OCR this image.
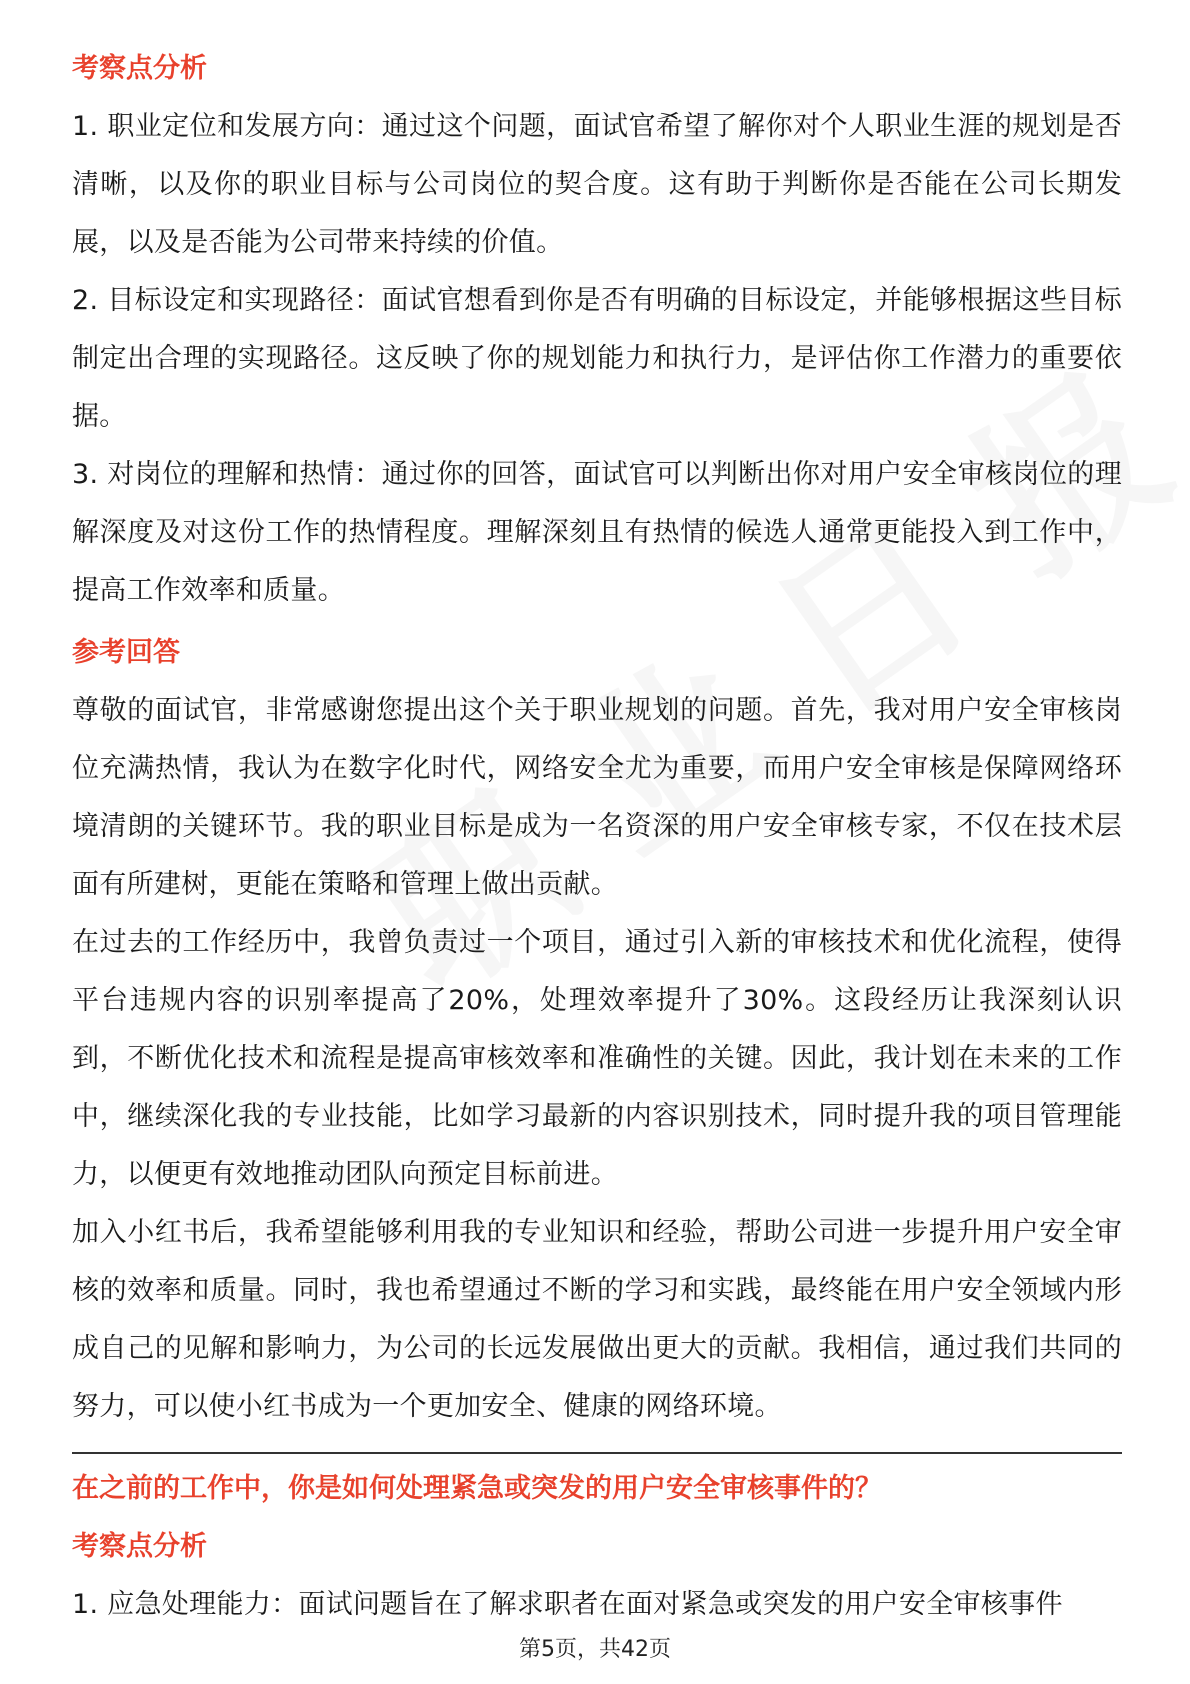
考察点分析
1. 职业定位和发展方向：通过这个问题，面试官希望了解你对个人职业生涯的规划是否清晰，以及你的职业目标与公司岗位的契合度。这有助于判断你是否能在公司长期发展，以及是否能为公司带来持续的价值。
2. 目标设定和实现路径：面试官想看到你是否有明确的目标设定，并能够根据这些目标制定出合理的实现路径。这反映了你的规划能力和执行力，是评估你工作潜力的重要依据。
3. 对岗位的理解和热情：通过你的回答，面试官可以判断出你对用户安全审核岗位的理解深度及对这份工作的热情程度。理解深刻且有热情的候选人通常更能投入到工作中，提高工作效率和质量。
参考回答
尊敬的面试官，非常感谢您提出这个关于职业规划的问题。首先，我对用户安全审核岗位充满热情，我认为在数字化时代，网络安全尤为重要，而用户安全审核是保障网络环境清朗的关键环节。我的职业目标是成为一名资深的用户安全审核专家，不仅在技术层面有所建树，更能在策略和管理上做出贡献。
在过去的工作经历中，我曾负责过一个项目，通过引入新的审核技术和优化流程，使得平台违规内容的识别率提高了20%，处理效率提升了30%。这段经历让我深刻认识到，不断优化技术和流程是提高审核效率和准确性的关键。因此，我计划在未来的工作中，继续深化我的专业技能，比如学习最新的内容识别技术，同时提升我的项目管理能力，以便更有效地推动团队向预定目标前进。
加入小红书后，我希望能够利用我的专业知识和经验，帮助公司进一步提升用户安全审核的效率和质量。同时，我也希望通过不断的学习和实践，最终能在用户安全领域内形成自己的见解和影响力，为公司的长远发展做出更大的贡献。我相信，通过我们共同的努力，可以使小红书成为一个更加安全、健康的网络环境。
在之前的工作中，你是如何处理紧急或突发的用户安全审核事件的？
考察点分析
1. 应急处理能力：面试问题旨在了解求职者在面对紧急或突发的用户安全审核事件
第5页，共42页
